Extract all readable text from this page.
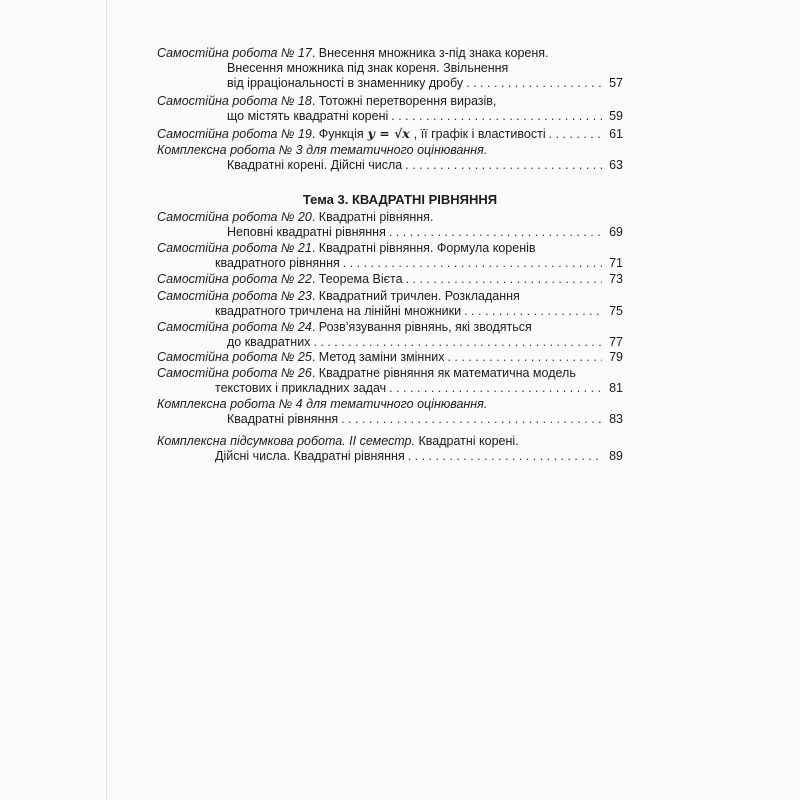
Самостійна робота № 17 . Внесення множника з-під знака кореня.
Внесення множника під знак кореня. Звільнення
від ірраціональності в знаменнику дробу . . .	57
Самостійна робота № 18 . Тотожні перетворення виразів,
що містять квадратні корені . . .	59
Самостійна робота № 19 . Функція y = √x , її графік і властивості . . .	61
Комплексна робота № 3 для тематичного оцінювання.
Квадратні корені. Дійсні числа . . .	63
Тема 3. КВАДРАТНІ РІВНЯННЯ
Самостійна робота № 20 . Квадратні рівняння.
Неповні квадратні рівняння . . .	69
Самостійна робота № 21 . Квадратні рівняння. Формула коренів
квадратного рівняння . . .	71
Самостійна робота № 22 . Теорема Вієта . . .	73
Самостійна робота № 23 . Квадратний тричлен. Розкладання
квадратного тричлена на лінійні множники . . .	75
Самостійна робота № 24 . Розв’язування рівнянь, які зводяться
до квадратних . . .	77
Самостійна робота № 25 . Метод заміни змінних . . .	79
Самостійна робота № 26 . Квадратне рівняння як математична модель
текстових і прикладних задач . . .	81
Комплексна робота № 4 для тематичного оцінювання.
Квадратні рівняння . . .	83
Комплексна підсумкова робота. ІІ семестр.
Квадратні корені.
Дійсні числа. Квадратні рівняння . . .	89
